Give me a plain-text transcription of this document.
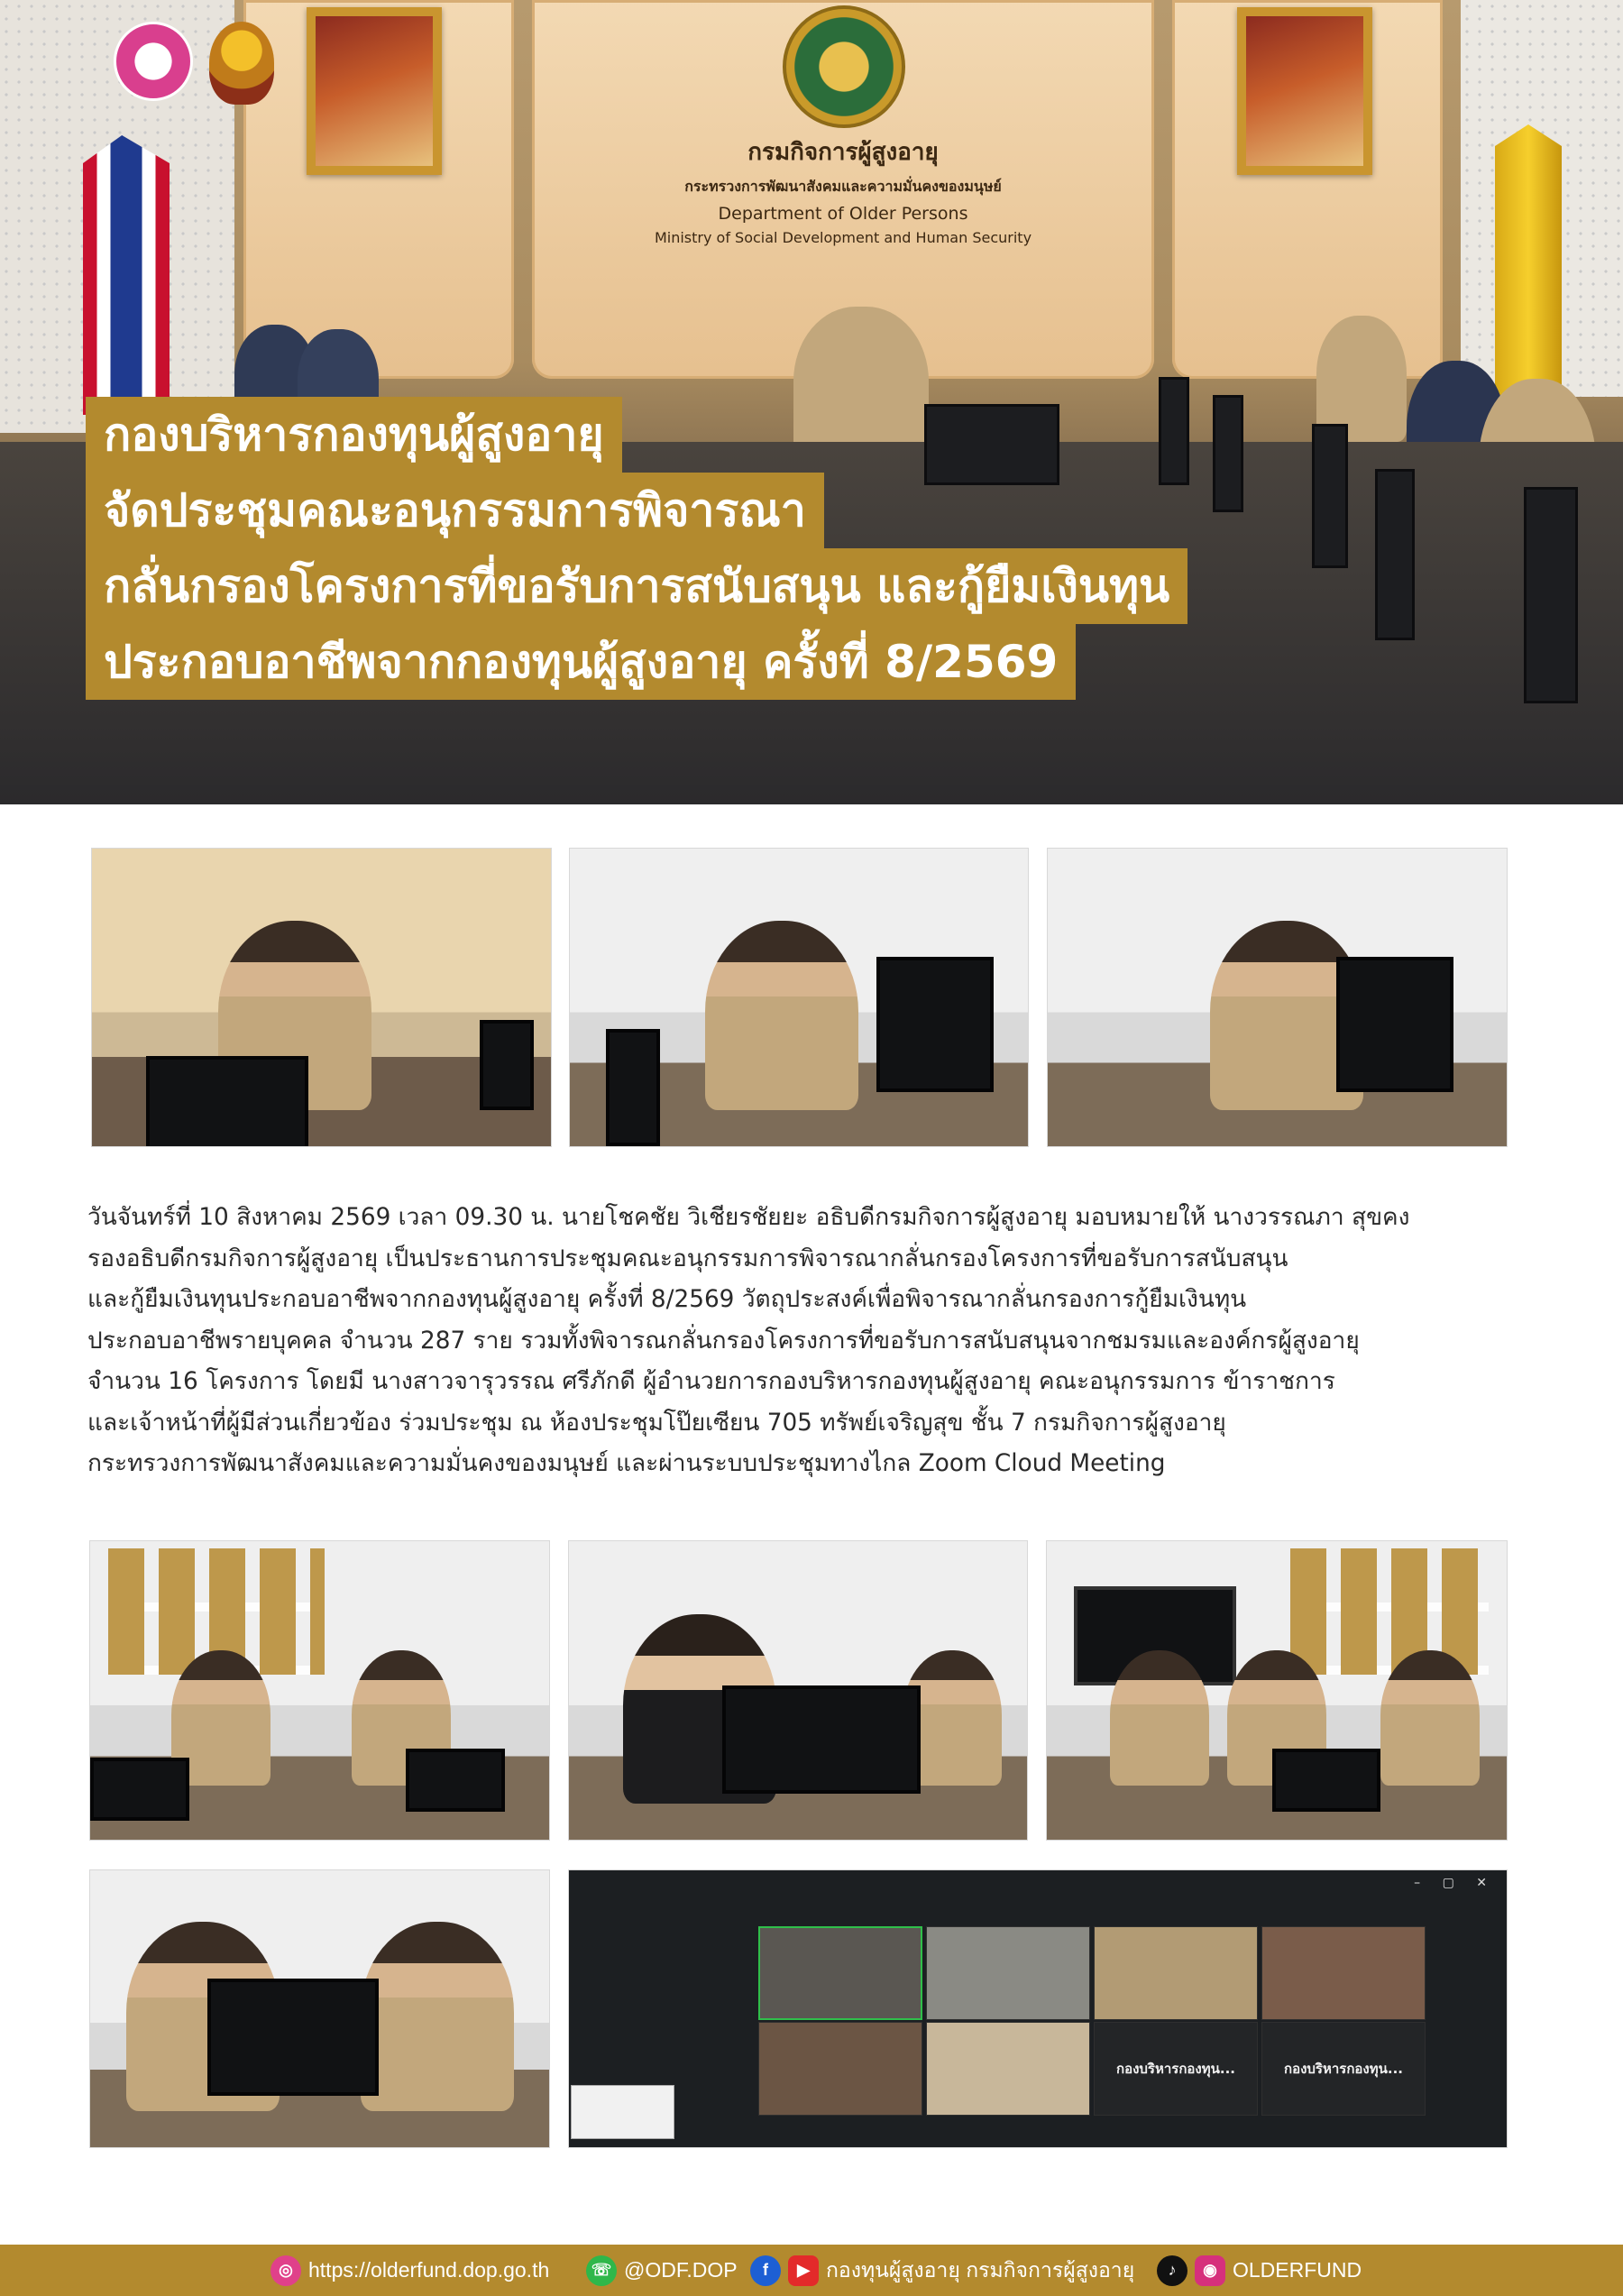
กรมกิจการผู้สูงอายุ
กระทรวงการพัฒนาสังคมและความมั่นคงของมนุษย์
Department of Older Persons
Ministry of Social Development and Human Security
กองบริหารกองทุนผู้สูงอายุ
จัดประชุมคณะอนุกรรมการพิจารณา
กลั่นกรองโครงการที่ขอรับการสนับสนุน และกู้ยืมเงินทุน
ประกอบอาชีพจากกองทุนผู้สูงอายุ ครั้งที่ 8/2569
วันจันทร์ที่ 10 สิงหาคม 2569 เวลา 09.30 น. นายโชคชัย วิเชียรชัยยะ อธิบดีกรมกิจการผู้สูงอายุ มอบหมายให้ นางวรรณภา สุขคง
รองอธิบดีกรมกิจการผู้สูงอายุ เป็นประธานการประชุมคณะอนุกรรมการพิจารณากลั่นกรองโครงการที่ขอรับการสนับสนุน
และกู้ยืมเงินทุนประกอบอาชีพจากกองทุนผู้สูงอายุ ครั้งที่ 8/2569 วัตถุประสงค์เพื่อพิจารณากลั่นกรองการกู้ยืมเงินทุน
ประกอบอาชีพรายบุคคล จำนวน 287 ราย รวมทั้งพิจารณกลั่นกรองโครงการที่ขอรับการสนับสนุนจากชมรมและองค์กรผู้สูงอายุ
จำนวน 16 โครงการ โดยมี นางสาวจารุวรรณ ศรีภักดี ผู้อำนวยการกองบริหารกองทุนผู้สูงอายุ คณะอนุกรรมการ ข้าราชการ
และเจ้าหน้าที่ผู้มีส่วนเกี่ยวข้อง ร่วมประชุม ณ ห้องประชุมโป๊ยเซียน 705 ทรัพย์เจริญสุข ชั้น 7 กรมกิจการผู้สูงอายุ
กระทรวงการพัฒนาสังคมและความมั่นคงของมนุษย์ และผ่านระบบประชุมทางไกล Zoom Cloud Meeting
– ▢ ✕
กองบริหารกองทุน...	กองบริหารกองทุน...
◎ https://olderfund.dop.go.th	☏ @ODF.DOP	f	▶ กองทุนผู้สูงอายุ กรมกิจการผู้สูงอายุ	♪	◉ OLDERFUND
